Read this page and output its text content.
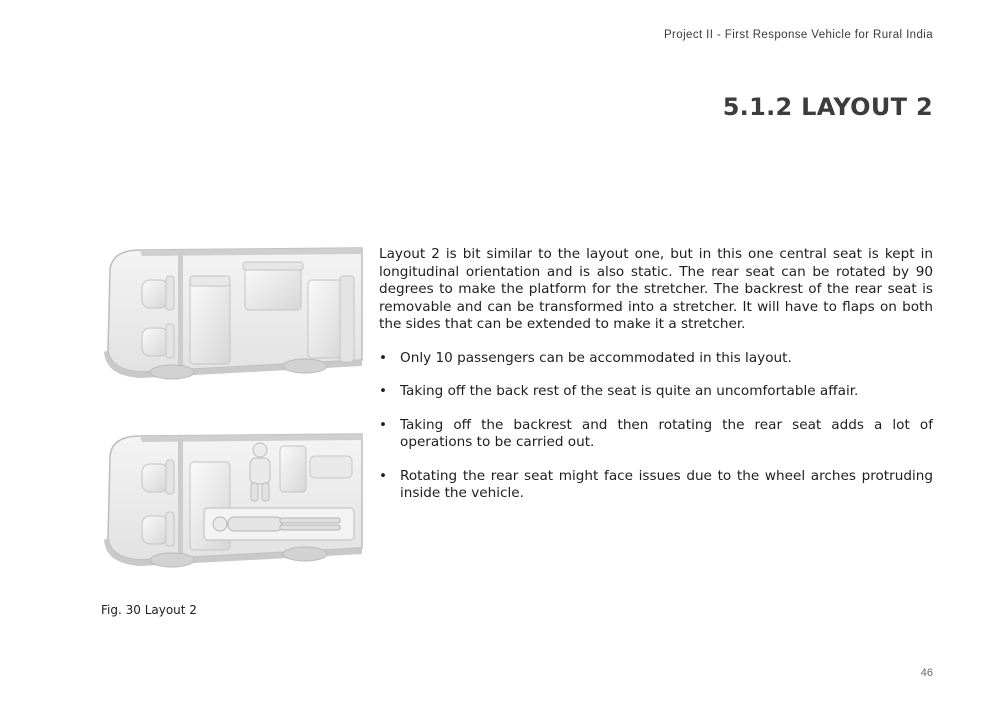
Project II - First Response Vehicle for Rural India
5.1.2 LAYOUT 2
Fig. 30 Layout 2

Layout 2 is bit similar to the layout one, but in this one central seat is kept in longitudinal orientation and is also static. The rear seat can be rotated by 90 degrees to make the platform for the stretcher. The backrest of the rear seat is removable and can be transformed into a stretcher. It will have to flaps on both the sides that can be extended to make it a stretcher.

• Only 10 passengers can be accommodated in this layout.
• Taking off the back rest of the seat is quite an uncomfortable affair.
• Taking off the backrest and then rotating the rear seat adds a lot of operations to be carried out.
• Rotating the rear seat might face issues due to the wheel arches protruding inside the vehicle.
46
